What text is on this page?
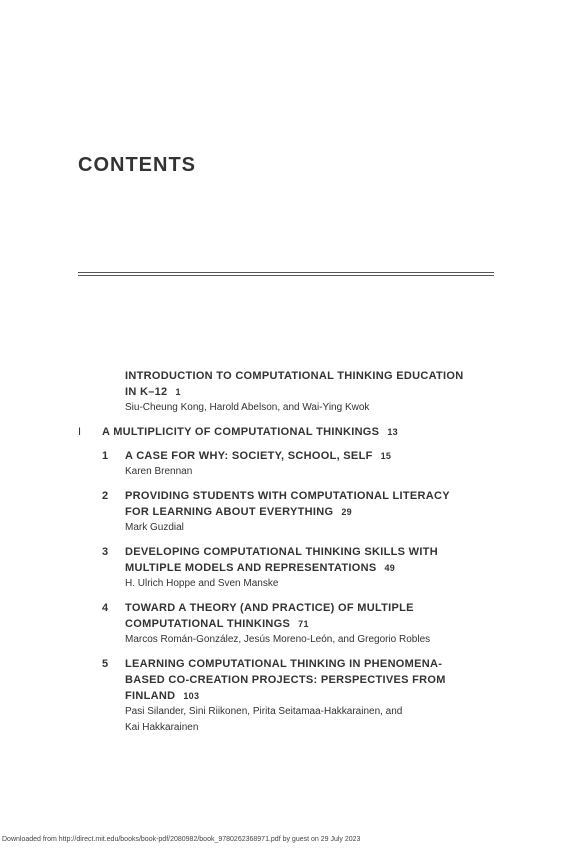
CONTENTS
INTRODUCTION TO COMPUTATIONAL THINKING EDUCATION
IN K–12 1
Siu-Cheung Kong, Harold Abelson, and Wai-Ying Kwok
I A MULTIPLICITY OF COMPUTATIONAL THINKINGS 13
1 A CASE FOR WHY: SOCIETY, SCHOOL, SELF 15
Karen Brennan
2 PROVIDING STUDENTS WITH COMPUTATIONAL LITERACY
FOR LEARNING ABOUT EVERYTHING 29
Mark Guzdial
3 DEVELOPING COMPUTATIONAL THINKING SKILLS WITH
MULTIPLE MODELS AND REPRESENTATIONS 49
H. Ulrich Hoppe and Sven Manske
4 TOWARD A THEORY (AND PRACTICE) OF MULTIPLE
COMPUTATIONAL THINKINGS 71
Marcos Román-González, Jesús Moreno-León, and Gregorio Robles
5 LEARNING COMPUTATIONAL THINKING IN PHENOMENA-
BASED CO-CREATION PROJECTS: PERSPECTIVES FROM
FINLAND 103
Pasi Silander, Sini Riikonen, Pirita Seitamaa-Hakkarainen, and
Kai Hakkarainen
Downloaded from http://direct.mit.edu/books/book-pdf/2080982/book_9780262368971.pdf by guest on 29 July 2023
